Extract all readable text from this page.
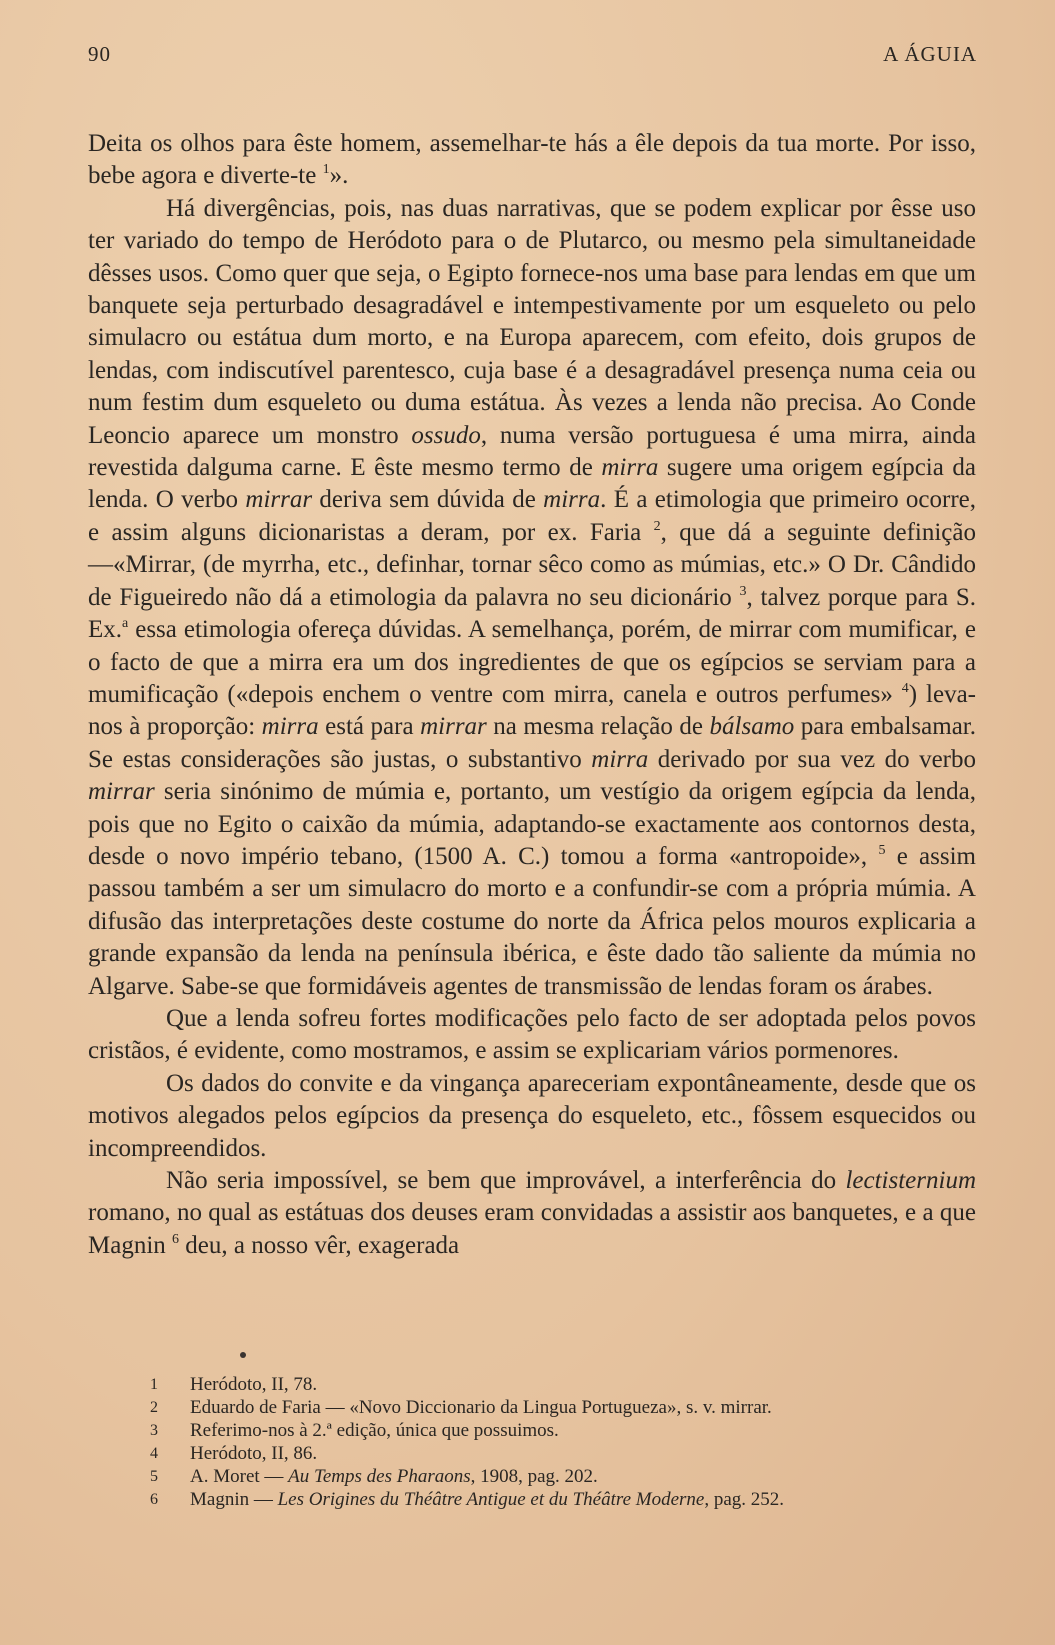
90	A ÁGUIA

Deita os olhos para êste homem, assemelhar-te hás a êle depois da tua morte. Por isso, bebe agora e diverte-te $^1$».

Há divergências, pois, nas duas narrativas, que se podem explicar por êsse uso ter variado do tempo de Heródoto para o de Plutarco, ou mesmo pela simultaneidade dêsses usos. Como quer que seja, o Egipto fornece-nos uma base para lendas em que um banquete seja perturbado desagradável e intempestivamente por um esqueleto ou pelo simulacro ou estátua dum morto, e na Europa aparecem, com efeito, dois grupos de lendas, com indiscutível parentesco, cuja base é a desagradável presença numa ceia ou num festim dum esqueleto ou duma estátua. Às vezes a lenda não precisa. Ao Conde Leoncio aparece um monstro ossudo, numa versão portuguesa é uma mirra, ainda revestida dalguma carne. E êste mesmo termo de mirra sugere uma origem egípcia da lenda. O verbo mirrar deriva sem dúvida de mirra. É a etimologia que primeiro ocorre, e assim alguns dicionaristas a deram, por ex. Faria $^2$, que dá a seguinte definição —«Mirrar, (de myrrha, etc., definhar, tornar sêco como as múmias, etc.» O Dr. Cândido de Figueiredo não dá a etimologia da palavra no seu dicionário $^3$, talvez porque para S. Ex.$^a$ essa etimologia ofereça dúvidas. A semelhança, porém, de mirrar com mumificar, e o facto de que a mirra era um dos ingredientes de que os egípcios se serviam para a mumificação («depois enchem o ventre com mirra, canela e outros perfumes» $^4$) leva-nos à proporção: mirra está para mirrar na mesma relação de bálsamo para embalsamar. Se estas considerações são justas, o substantivo mirra derivado por sua vez do verbo mirrar seria sinónimo de múmia e, portanto, um vestígio da origem egípcia da lenda, pois que no Egito o caixão da múmia, adaptando-se exactamente aos contornos desta, desde o novo império tebano, (1500 A. C.) tomou a forma «antropoide», $^5$ e assim passou também a ser um simulacro do morto e a confundir-se com a própria múmia. A difusão das interpretações deste costume do norte da África pelos mouros explicaria a grande expansão da lenda na península ibérica, e êste dado tão saliente da múmia no Algarve. Sabe-se que formidáveis agentes de transmissão de lendas foram os árabes.

Que a lenda sofreu fortes modificações pelo facto de ser adoptada pelos povos cristãos, é evidente, como mostramos, e assim se explicariam vários pormenores.

Os dados do convite e da vingança apareceriam expontâneamente, desde que os motivos alegados pelos egípcios da presença do esqueleto, etc., fôssem esquecidos ou incompreendidos.

Não seria impossível, se bem que improvável, a interferência do lectisternium romano, no qual as estátuas dos deuses eram convidadas a assistir aos banquetes, e a que Magnin $^6$ deu, a nosso vêr, exagerada

1	Heródoto, II, 78.
2	Eduardo de Faria — «Novo Diccionario da Lingua Portugueza», s. v. mirrar.
3	Referimo-nos à 2.ª edição, única que possuimos.
4	Heródoto, II, 86.
5	A. Moret — Au Temps des Pharaons, 1908, pag. 202.
6	Magnin — Les Origines du Théâtre Antigue et du Théâtre Moderne, pag. 252.
